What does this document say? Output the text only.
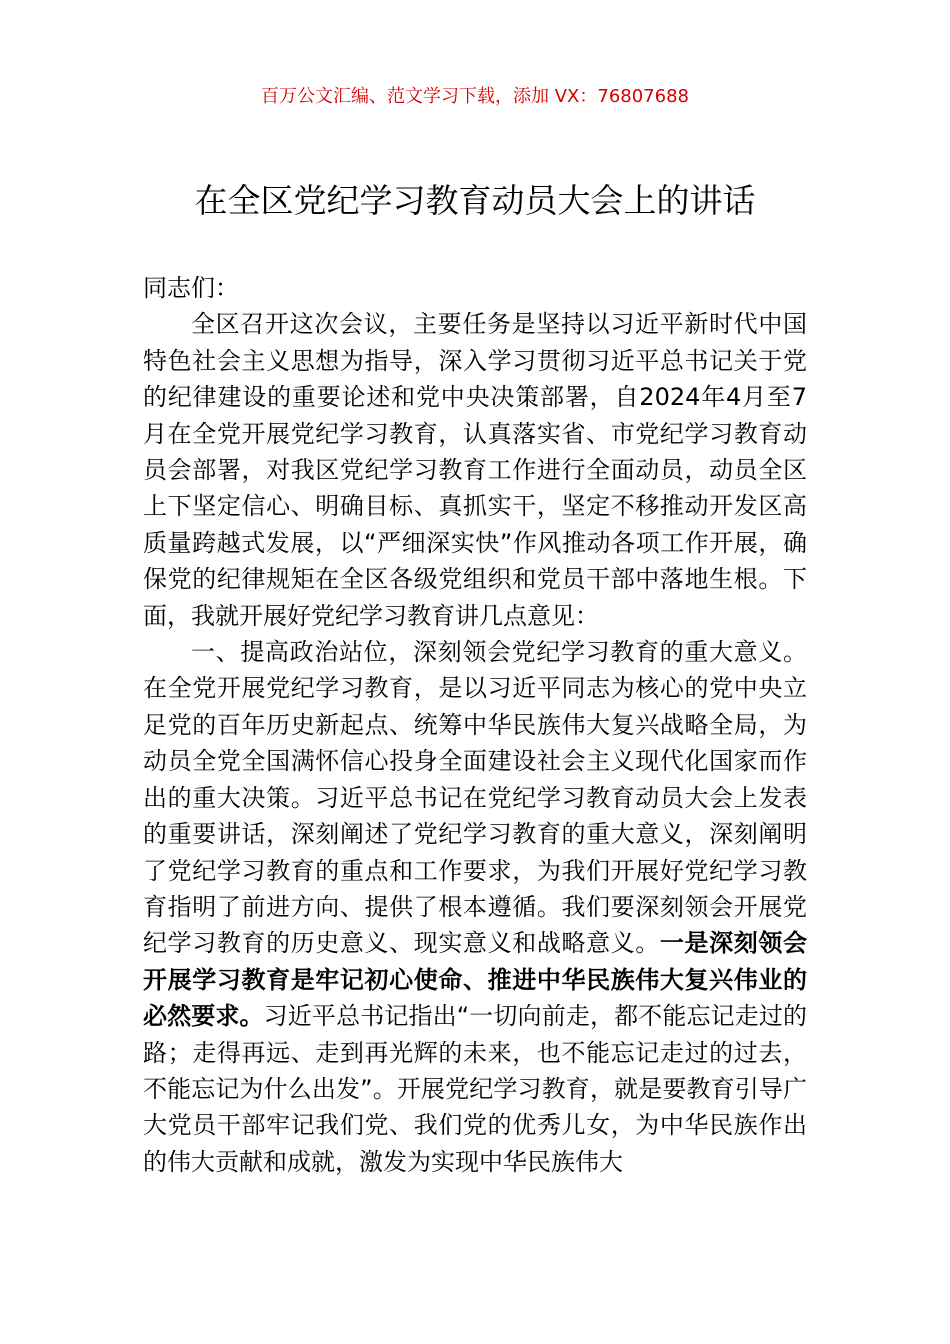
百万公文汇编、范文学习下载，添加 VX：76807688
在全区党纪学习教育动员大会上的讲话

同志们：

全区召开这次会议，主要任务是坚持以习近平新时代中国特色社会主义思想为指导，深入学习贯彻习近平总书记关于党的纪律建设的重要论述和党中央决策部署，自2024年4月至7月在全党开展党纪学习教育，认真落实省、市党纪学习教育动员会部署，对我区党纪学习教育工作进行全面动员，动员全区上下坚定信心、明确目标、真抓实干，坚定不移推动开发区高质量跨越式发展，以“严细深实快”作风推动各项工作开展，确保党的纪律规矩在全区各级党组织和党员干部中落地生根。下面，我就开展好党纪学习教育讲几点意见：

一、提高政治站位，深刻领会党纪学习教育的重大意义。在全党开展党纪学习教育，是以习近平同志为核心的党中央立足党的百年历史新起点、统筹中华民族伟大复兴战略全局，为动员全党全国满怀信心投身全面建设社会主义现代化国家而作出的重大决策。习近平总书记在党纪学习教育动员大会上发表的重要讲话，深刻阐述了党纪学习教育的重大意义，深刻阐明了党纪学习教育的重点和工作要求，为我们开展好党纪学习教育指明了前进方向、提供了根本遵循。我们要深刻领会开展党纪学习教育的历史意义、现实意义和战略意义。一是深刻领会开展学习教育是牢记初心使命、推进中华民族伟大复兴伟业的必然要求。习近平总书记指出“一切向前走，都不能忘记走过的路；走得再远、走到再光辉的未来，也不能忘记走过的过去，不能忘记为什么出发”。开展党纪学习教育，就是要教育引导广大党员干部牢记我们党、我们党的优秀儿女，为中华民族作出的伟大贡献和成就，激发为实现中华民族伟大
